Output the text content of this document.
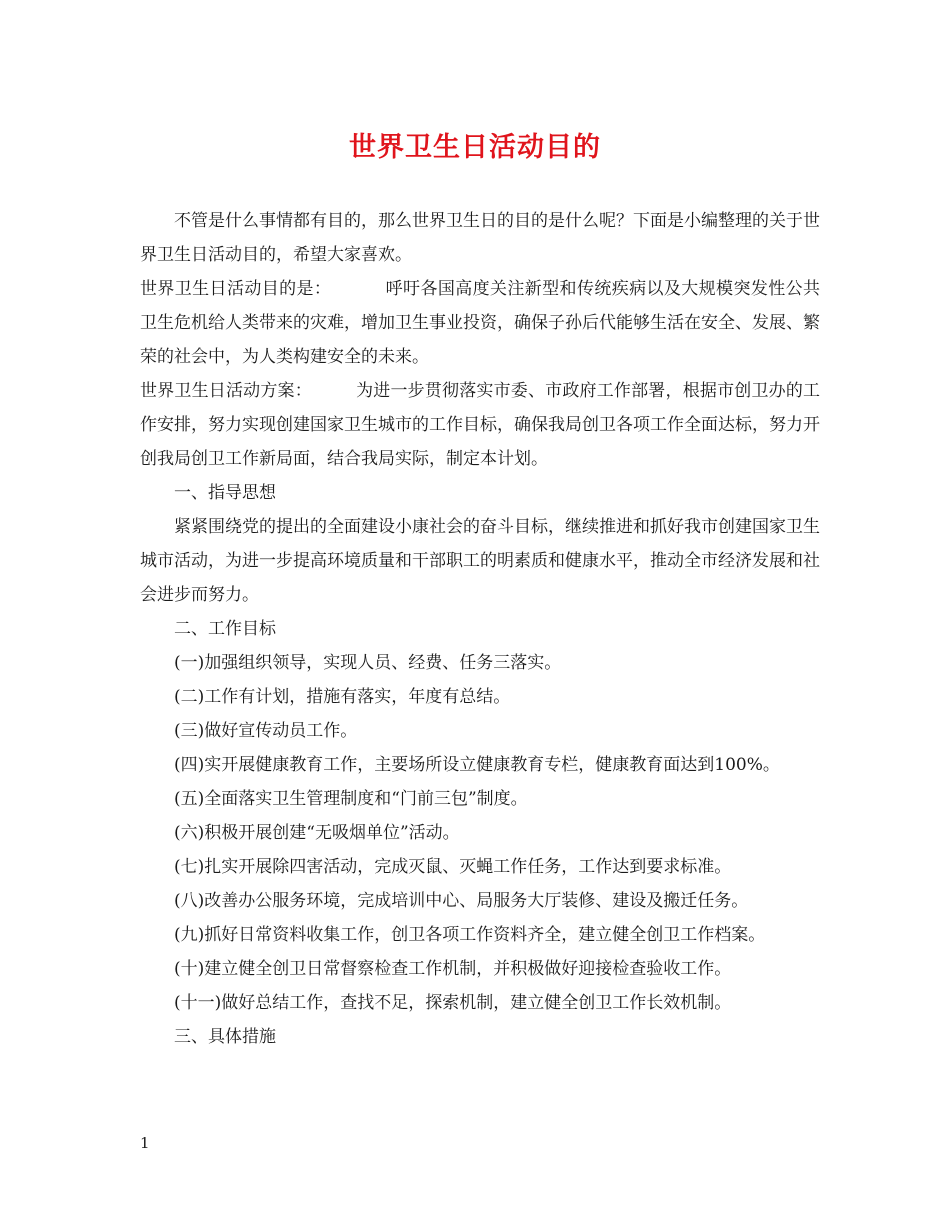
世界卫生日活动目的

不管是什么事情都有目的，那么世界卫生日的目的是什么呢？下面是小编整理的关于世界卫生日活动目的，希望大家喜欢。

世界卫生日活动目的是：	呼吁各国高度关注新型和传统疾病以及大规模突发性公共卫生危机给人类带来的灾难，增加卫生事业投资，确保子孙后代能够生活在安全、发展、繁荣的社会中，为人类构建安全的未来。

世界卫生日活动方案：	为进一步贯彻落实市委、市政府工作部署，根据市创卫办的工作安排，努力实现创建国家卫生城市的工作目标，确保我局创卫各项工作全面达标，努力开创我局创卫工作新局面，结合我局实际，制定本计划。

一、指导思想

紧紧围绕党的提出的全面建设小康社会的奋斗目标，继续推进和抓好我市创建国家卫生城市活动，为进一步提高环境质量和干部职工的明素质和健康水平，推动全市经济发展和社会进步而努力。

二、工作目标

(一)加强组织领导，实现人员、经费、任务三落实。

(二)工作有计划，措施有落实，年度有总结。

(三)做好宣传动员工作。

(四)实开展健康教育工作，主要场所设立健康教育专栏，健康教育面达到100%。

(五)全面落实卫生管理制度和“门前三包”制度。

(六)积极开展创建“无吸烟单位”活动。

(七)扎实开展除四害活动，完成灭鼠、灭蝇工作任务，工作达到要求标准。

(八)改善办公服务环境，完成培训中心、局服务大厅装修、建设及搬迁任务。

(九)抓好日常资料收集工作，创卫各项工作资料齐全，建立健全创卫工作档案。

(十)建立健全创卫日常督察检查工作机制，并积极做好迎接检查验收工作。

(十一)做好总结工作，查找不足，探索机制，建立健全创卫工作长效机制。

三、具体措施

1
